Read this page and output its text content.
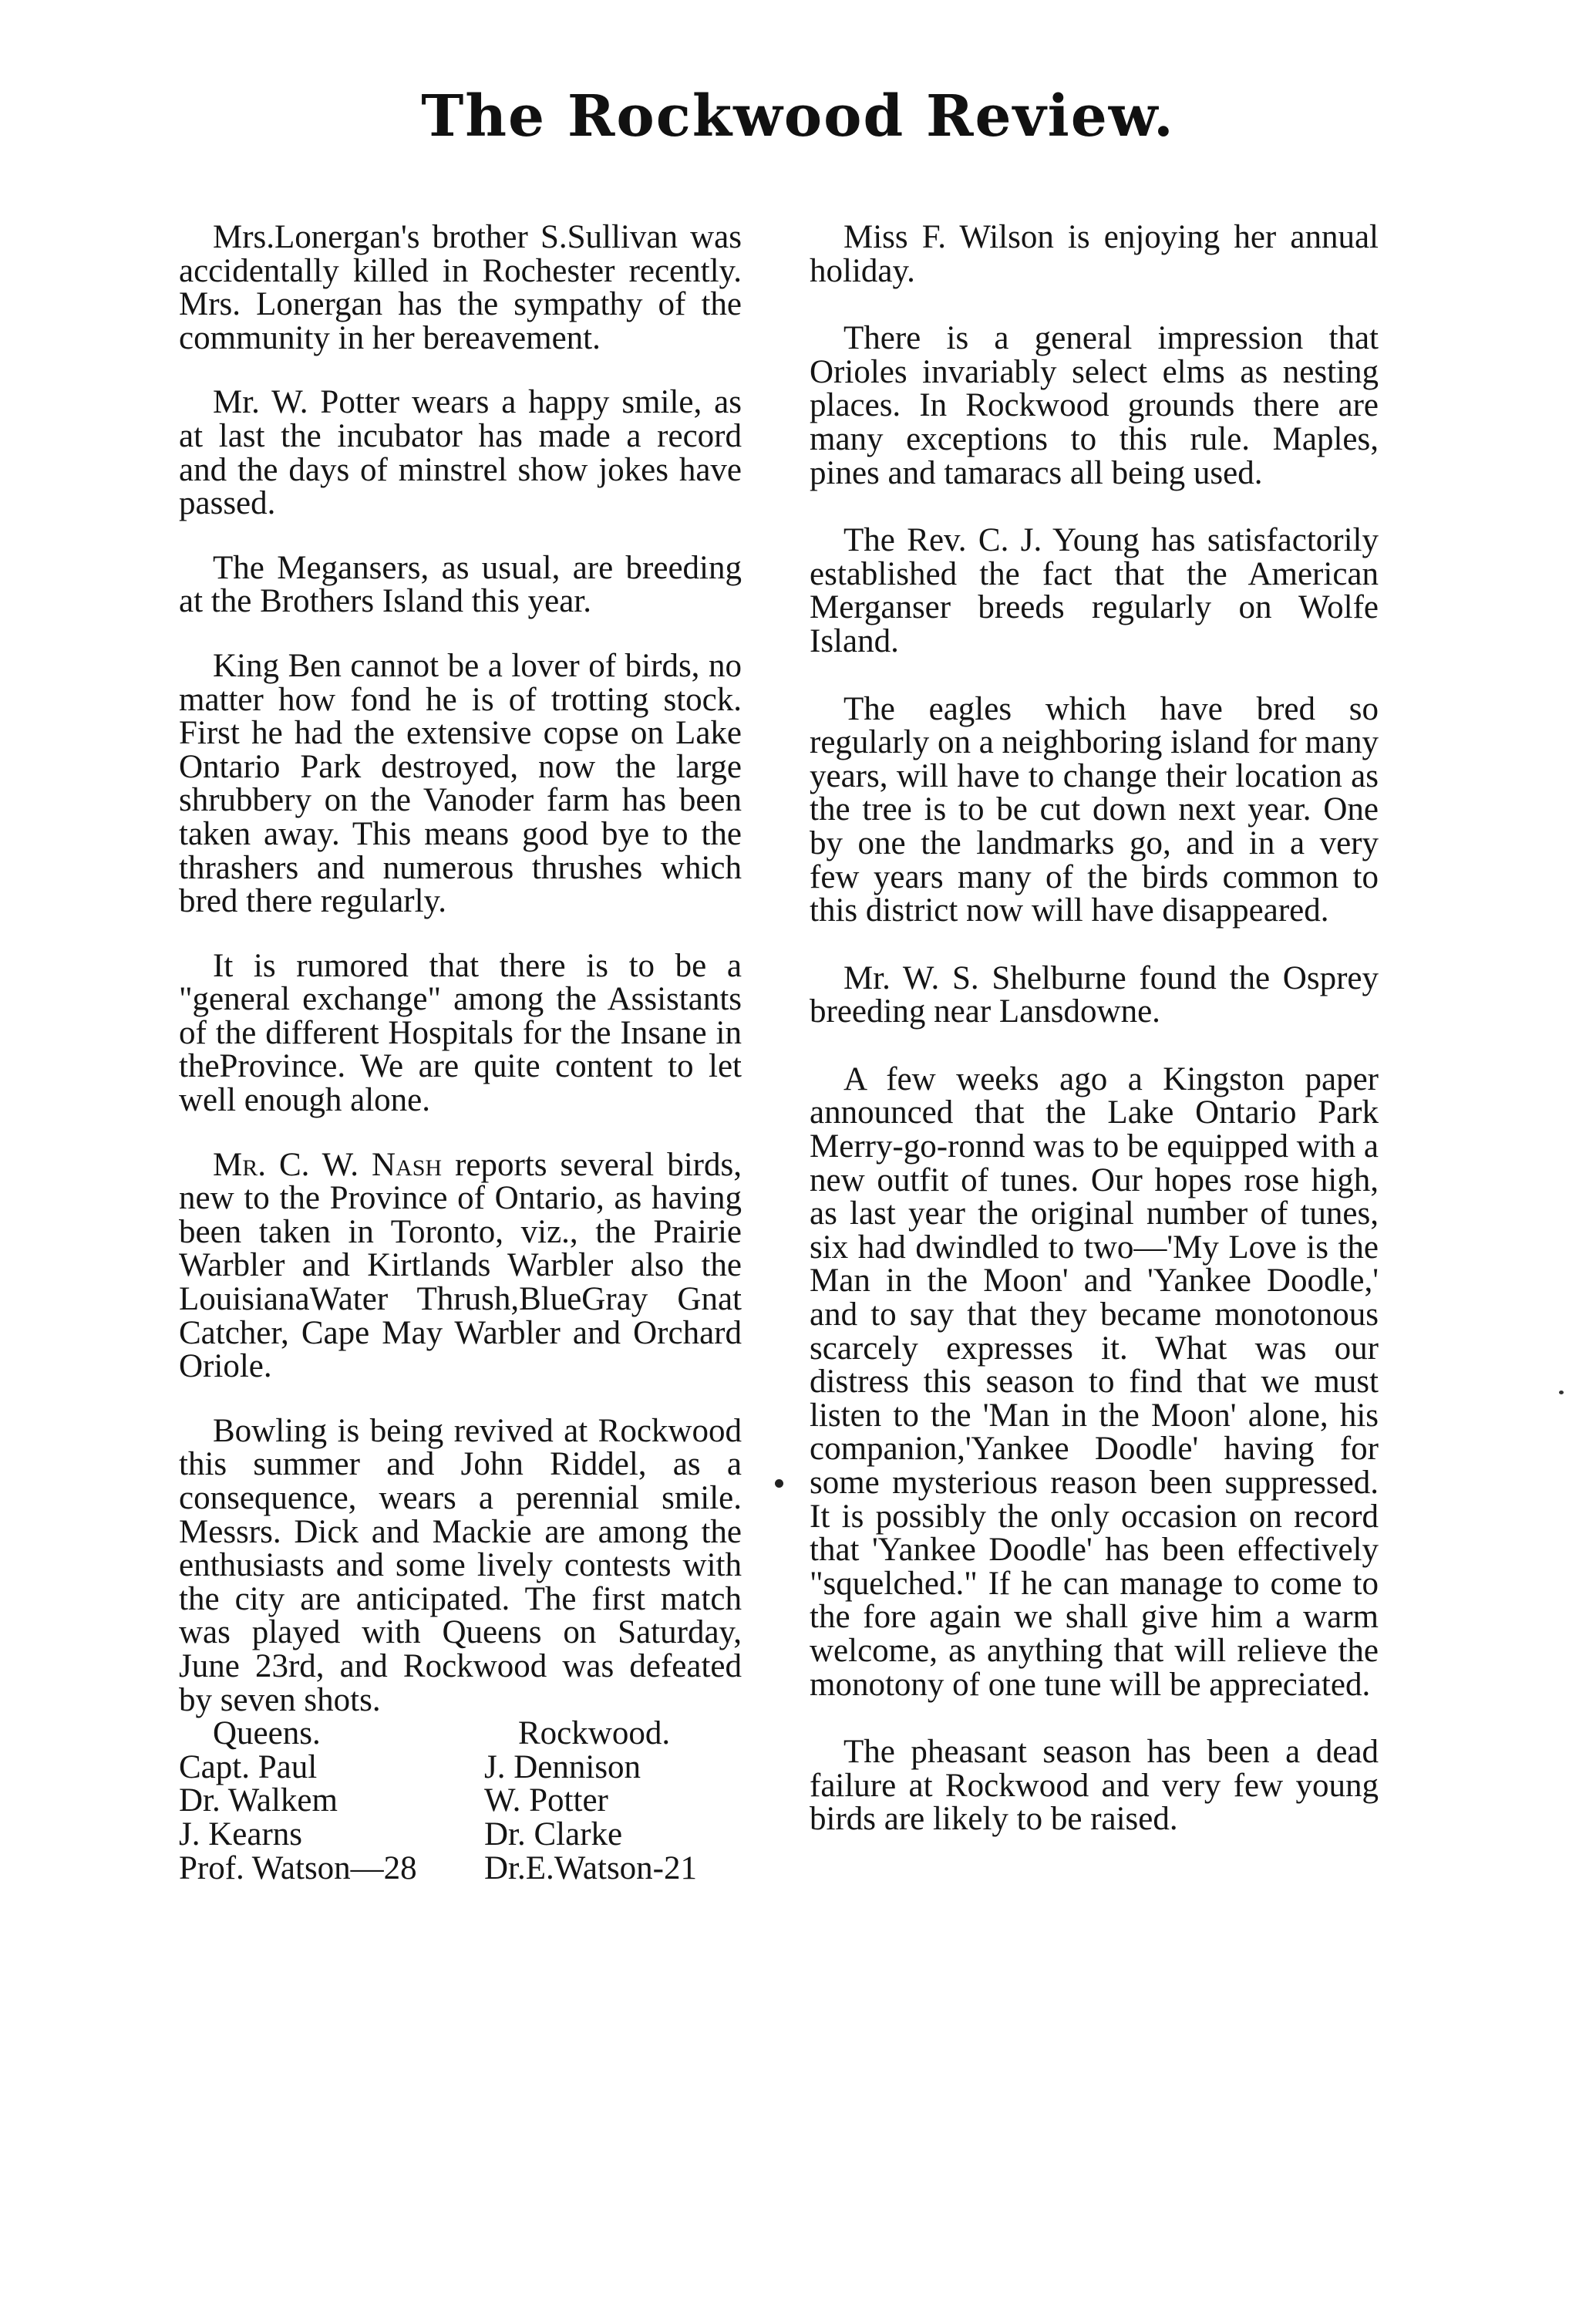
The Rockwood Review.

Mrs.Lonergan's brother S.Sullivan was accidentally killed in Rochester recently. Mrs. Lonergan has the sympathy of the community in her bereavement.

Mr. W. Potter wears a happy smile, as at last the incubator has made a record and the days of minstrel show jokes have passed.

The Megansers, as usual, are breeding at the Brothers Island this year.

King Ben cannot be a lover of birds, no matter how fond he is of trotting stock. First he had the extensive copse on Lake Ontario Park destroyed, now the large shrubbery on the Vanoder farm has been taken away. This means good bye to the thrashers and numerous thrushes which bred there regularly.

It is rumored that there is to be a "general exchange" among the Assistants of the different Hospitals for the Insane in theProvince. We are quite content to let well enough alone.

Mr. C. W. Nash reports several birds, new to the Province of Ontario, as having been taken in Toronto, viz., the Prairie Warbler and Kirtlands Warbler also the LouisianaWater Thrush,BlueGray Gnat Catcher, Cape May Warbler and Orchard Oriole.

Bowling is being revived at Rockwood this summer and John Riddel, as a consequence, wears a perennial smile. Messrs. Dick and Mackie are among the enthusiasts and some lively contests with the city are anticipated. The first match was played with Queens on Saturday, June 23rd, and Rockwood was defeated by seven shots.

Queens.	Rockwood.
Capt. Paul	J. Dennison
Dr. Walkem	W. Potter
J. Kearns	Dr. Clarke
Prof. Watson—28	Dr.E.Watson-21

Miss F. Wilson is enjoying her annual holiday.

There is a general impression that Orioles invariably select elms as nesting places. In Rockwood grounds there are many exceptions to this rule. Maples, pines and tamaracs all being used.

The Rev. C. J. Young has satisfactorily established the fact that the American Merganser breeds regularly on Wolfe Island.

The eagles which have bred so regularly on a neighboring island for many years, will have to change their location as the tree is to be cut down next year. One by one the landmarks go, and in a very few years many of the birds common to this district now will have disappeared.

Mr. W. S. Shelburne found the Osprey breeding near Lansdowne.

A few weeks ago a Kingston paper announced that the Lake Ontario Park Merry-go-ronnd was to be equipped with a new outfit of tunes. Our hopes rose high, as last year the original number of tunes, six had dwindled to two—'My Love is the Man in the Moon' and 'Yankee Doodle,' and to say that they became monotonous scarcely expresses it. What was our distress this season to find that we must listen to the 'Man in the Moon' alone, his companion,'Yankee Doodle' having for some mysterious reason been suppressed. It is possibly the only occasion on record that 'Yankee Doodle' has been effectively "squelched." If he can manage to come to the fore again we shall give him a warm welcome, as anything that will relieve the monotony of one tune will be appreciated.

The pheasant season has been a dead failure at Rockwood and very few young birds are likely to be raised.
